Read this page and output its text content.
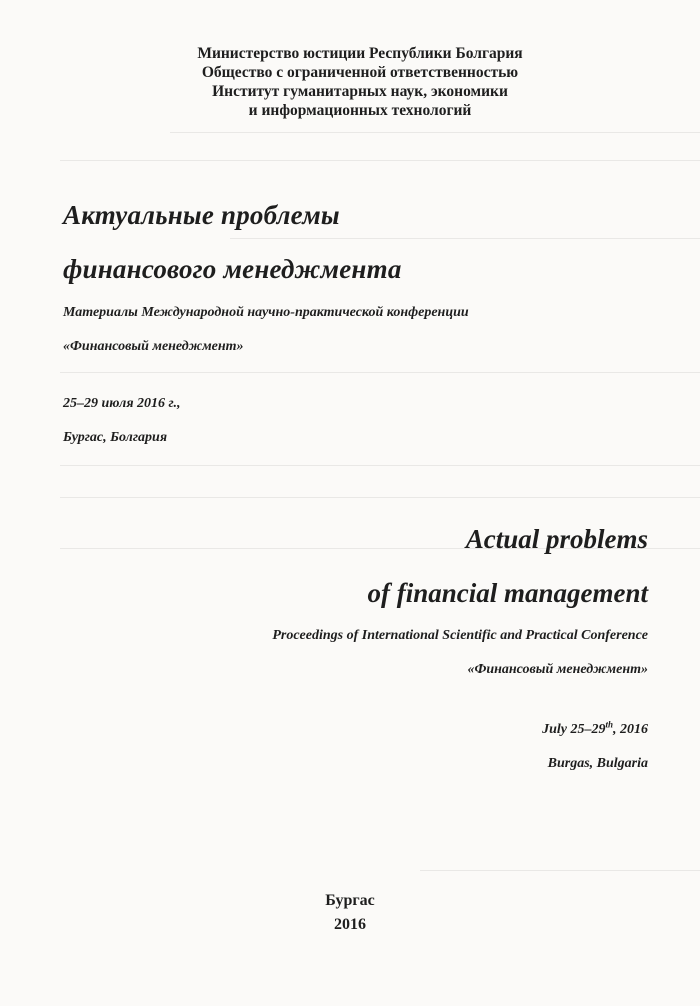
Министерство юстиции Республики Болгария
Общество с ограниченной ответственностью
Институт гуманитарных наук, экономики
и информационных технологий
Актуальные проблемы
финансового менеджмента
Материалы Международной научно-практической конференции
«Финансовый менеджмент»
25–29 июля 2016 г.,
Бургас, Болгария
Actual problems
of financial management
Proceedings of International Scientific and Practical Conference
«Финансовый менеджмент»
July 25–29th, 2016
Burgas, Bulgaria
Бургас
2016
